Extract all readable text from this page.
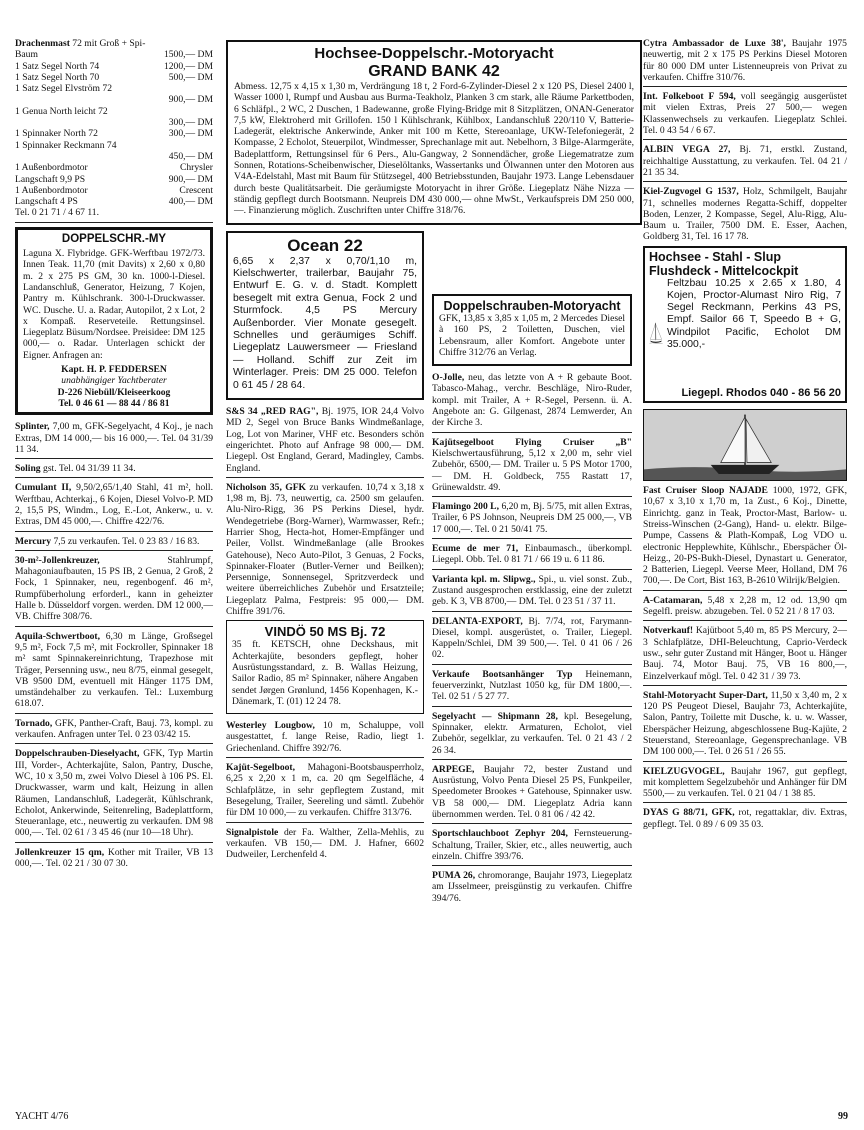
Drachenmast 72 mit Groß + Spi-
Baum	1500,— DM
1 Satz Segel North 74	1200,— DM
1 Satz Segel North 70	500,— DM
1 Satz Segel Elvström 72
900,— DM
1 Genua North leicht 72
300,— DM
1 Spinnaker North 72	300,— DM
1 Spinnaker Reckmann 74
450,— DM
1 Außenbordmotor	Chrysler
Langschaft 9,9 PS	900,— DM
1 Außenbordmotor	Crescent
Langschaft 4 PS	400,— DM
Tel. 0 21 71 / 4 67 11.
DOPPELSCHR.-MY
Laguna X. Flybridge. GFK-Werftbau 1972/73. Innen Teak. 11,70 (mit Davits) x 2,60 x 0,80 m. 2 x 275 PS GM, 30 kn. 1000-l-Diesel. Landanschluß, Generator, Heizung, 7 Kojen, Pantry m. Kühlschrank. 300-l-Druckwasser. WC. Dusche. U. a. Radar, Autopilot, 2 x Lot, 2 x Kompaß. Reserveteile. Rettungsinsel. Liegeplatz Büsum/Nordsee. Preisidee: DM 125 000,— o. Radar. Unterlagen schickt der Eigner. Anfragen an:
Kapt. H. P. FEDDERSEN
unabhängiger Yachtberater
D-226 Niebüll/Kleiseerkoog
Tel. 0 46 61 — 88 44 / 86 81
Splinter, 7,00 m, GFK-Segelyacht, 4 Koj., je nach Extras, DM 14 000,— bis 16 000,—. Tel. 04 31/39 11 34.
Soling gst. Tel. 04 31/39 11 34.
Cumulant II, 9,50/2,65/1,40 Stahl, 41 m², holl. Werftbau, Achterkaj., 6 Kojen, Diesel Volvo-P. MD 2, 15,5 PS, Windm., Log, E.-Lot, Ankerw., u. v. Extras, DM 45 000,—. Chiffre 422/76.
Mercury 7,5 zu verkaufen. Tel. 0 23 83 / 16 83.
30-m²-Jollenkreuzer,	Stahlrumpf, Mahagoniaufbauten, 15 PS IB, 2 Genua, 2 Groß, 2 Fock, 1 Spinnaker, neu, regenbogenf. 46 m², Rumpfüberholung erforderl., kann in geheizter Halle b. Düsseldorf vorgen. werden. DM 12 000,— VB. Chiffre 308/76.
Aquila-Schwertboot, 6,30 m Länge, Großsegel 9,5 m², Fock 7,5 m², mit Fockroller, Spinnaker 18 m² samt Spinnakereinrichtung, Trapezhose mit Träger, Persenning usw., neu 8/75, einmal gesegelt, VB 9500 DM, eventuell mit Hänger 1175 DM, umständehalber zu verkaufen. Tel.: Luxemburg 618.07.
Tornado, GFK, Panther-Craft, Bauj. 73, kompl. zu verkaufen. Anfragen unter Tel. 0 23 03/42 15.
Doppelschrauben-Dieselyacht, GFK, Typ Martin III, Vorder-, Achterkajüte, Salon, Pantry, Dusche, WC, 10 x 3,50 m, zwei Volvo Diesel à 106 PS. El. Druckwasser, warm und kalt, Heizung in allen Räumen, Landanschluß, Ladegerät, Kühlschrank, Echolot, Ankerwinde, Seitenreling, Badeplattform, Steueranlage, etc., neuwertig zu verkaufen. DM 98 000,—. Tel. 02 61 / 3 45 46 (nur 10—18 Uhr).
Jollenkreuzer 15 qm, Kother mit Trailer, VB 13 000,—. Tel. 02 21 / 30 07 30.
Hochsee-Doppelschr.-Motoryacht
GRAND BANK 42
Abmess. 12,75 x 4,15 x 1,30 m, Verdrängung 18 t, 2 Ford-6-Zylinder-Diesel 2 x 120 PS, Diesel 2400 l, Wasser 1000 l, Rumpf und Ausbau aus Burma-Teakholz, Planken 3 cm stark, alle Räume Parkettboden, 6 Schläfpl., 2 WC, 2 Duschen, 1 Badewanne, große Flying-Bridge mit 8 Sitzplätzen, ONAN-Generator 7,5 kW, Elektroherd mit Grillofen. 150 l Kühlschrank, Kühlbox, Landanschluß 220/110 V, Batterie-Ladegerät, elektrische Ankerwinde, Anker mit 100 m Kette, Stereoanlage, UKW-Telefoniegerät, 2 Kompasse, 2 Echolot, Steuerpilot, Windmesser, Sprechanlage mit aut. Nebelhorn, 3 Bilge-Alarmgeräte, Badeplattform, Rettungsinsel für 6 Pers., Alu-Gangway, 2 Sonnendächer, große Liegematratze zum Sonnen, Rotations-Scheibenwischer, Dieselöltanks, Wassertanks und Ölwannen unter den Motoren aus V4A-Edelstahl, Mast mit Baum für Stützsegel, 400 Betriebsstunden, Baujahr 1973. Lange Lebensdauer durch beste Qualitätsarbeit. Die geräumigste Motoryacht in ihrer Größe. Liegeplatz Nähe Nizza — ständig gepflegt durch Bootsmann. Neupreis DM 430 000,— ohne MwSt., Verkaufspreis DM 250 000,—. Finanzierung möglich. Zuschriften unter Chiffre 318/76.
Ocean 22
6,65 x 2,37 x 0,70/1,10 m, Kielschwerter, trailerbar, Baujahr 75, Entwurf E. G. v. d. Stadt. Komplett besegelt mit extra Genua, Fock 2 und Sturmfock. 4,5 PS Mercury Außenborder. Vier Monate gesegelt. Schnelles und geräumiges Schiff. Liegeplatz Lauwersmeer — Friesland — Holland. Schiff zur Zeit im Winterlager. Preis: DM 25 000. Telefon 0 61 45 / 28 64.
S&S 34 „RED RAG", Bj. 1975, IOR 24,4 Volvo MD 2, Segel von Bruce Banks Windmeßanlage, Log, Lot von Mariner, VHF etc. Besonders schön eingerichtet. Photo auf Anfrage 98 000,— DM. Liegepl. Ost England, Gerard, Madingley, Cambs. England.
Nicholson 35, GFK zu verkaufen. 10,74 x 3,18 x 1,98 m, Bj. 73, neuwertig, ca. 2500 sm gelaufen. Alu-Niro-Rigg, 36 PS Perkins Diesel, hydr. Wendegetriebe (Borg-Warner), Warmwasser, Refr.; Harrier Shog, Hecta-hot, Homer-Empfänger und Peiler, Vollst. Windmeßanlage (alle Brookes Gatehouse), Neco Auto-Pilot, 3 Genuas, 2 Focks, Spinnaker-Floater (Butler-Verner und Beilken); Persennige, Sonnensegel, Spritzverdeck und weitere überreichliches Zubehör und Ersatzteile; Liegeplatz Palma, Festpreis: 95 000,— DM. Chiffre 391/76.
VINDÖ 50 MS Bj. 72
35 ft. KETSCH, ohne Deckshaus, mit Achterkajüte, besonders gepflegt, hoher Ausrüstungsstandard, z. B. Wallas Heizung, Sailor Radio, 85 m² Spinnaker, nähere Angaben sendet Jørgen Grønlund, 1456 Kopenhagen, K.-Dänemark, T. (01) 12 24 78.
Westerley Lougbow, 10 m, Schaluppe, voll ausgestattet, f. lange Reise, Radio, liegt 1. Griechenland. Chiffre 392/76.
Kajüt-Segelboot, Mahagoni-Bootsbausperrholz, 6,25 x 2,20 x 1 m, ca. 20 qm Segelfläche, 4 Schlafplätze, in sehr gepflegtem Zustand, mit Besegelung, Trailer, Seereling und sämtl. Zubehör für DM 10 000,— zu verkaufen. Chiffre 313/76.
Signalpistole der Fa. Walther, Zella-Mehlis, zu verkaufen. VB 150,— DM. J. Hafner, 6602 Dudweiler, Lerchenfeld 4.
Doppelschrauben-Motoryacht
GFK, 13,85 x 3,85 x 1,05 m, 2 Mercedes Diesel à 160 PS, 2 Toiletten, Duschen, viel Lebensraum, aller Komfort. Angebote unter Chiffre 312/76 an Verlag.
O-Jolle, neu, das letzte von A + R gebaute Boot. Tabasco-Mahag., verchr. Beschläge, Niro-Ruder, kompl. mit Trailer, A + R-Segel, Persenn. ü. A. Angebote an: G. Gilgenast, 2874 Lemwerder, An der Kirche 3.
Kajütsegelboot Flying Cruiser „B" Kielschwertausführung, 5,12 x 2,00 m, sehr viel Zubehör, 6500,— DM. Trailer u. 5 PS Motor 1700,— DM. H. Goldbeck, 755 Rastatt 17, Grünewaldstr. 49.
Flamingo 200 L, 6,20 m, Bj. 5/75, mit allen Extras, Trailer, 6 PS Johnson, Neupreis DM 25 000,—, VB 17 000,—. Tel. 0 21 50/41 75.
Ecume de mer 71, Einbaumasch., überkompl. Liegepl. Obb. Tel. 0 81 71 / 66 19 u. 6 11 86.
Varianta kpl. m. Slipwg., Spi., u. viel sonst. Zub., Zustand ausgesprochen erstklassig, eine der zuletzt geb. K 3, VB 8700,— DM. Tel. 0 23 51 / 37 11.
DELANTA-EXPORT, Bj. 7/74, rot, Farymann-Diesel, kompl. ausgerüstet, o. Trailer, Liegepl. Kappeln/Schlei, DM 39 500,—. Tel. 0 41 06 / 26 02.
Verkaufe Bootsanhänger Typ Heinemann, feuerverzinkt, Nutzlast 1050 kg, für DM 1800,—. Tel. 02 51 / 5 27 77.
Segelyacht — Shipmann 28, kpl. Besegelung, Spinnaker, elektr. Armaturen, Echolot, viel Zubehör, segelklar, zu verkaufen. Tel. 0 21 43 / 2 26 34.
ARPEGE, Baujahr 72, bester Zustand und Ausrüstung, Volvo Penta Diesel 25 PS, Funkpeiler, Speedometer Brookes + Gatehouse, Spinnaker usw. VB 58 000,— DM. Liegeplatz Adria kann übernommen werden. Tel. 0 81 06 / 42 42.
Sportschlauchboot Zephyr 204, Fernsteuerung-Schaltung, Trailer, Skier, etc., alles neuwertig, auch einzeln. Chiffre 393/76.
PUMA 26, chromorange, Baujahr 1973, Liegeplatz am IJsselmeer, preisgünstig zu verkaufen. Chiffre 394/76.
Cytra Ambassador de Luxe 38', Baujahr 1975 neuwertig, mit 2 x 175 PS Perkins Diesel Motoren für 80 000 DM unter Listenneupreis von Privat zu verkaufen. Chiffre 310/76.
Int. Folkeboot F 594, voll seegängig ausgerüstet mit vielen Extras, Preis 27 500,— wegen Klassenwechsels zu verkaufen. Liegeplatz Schlei. Tel. 0 43 54 / 6 67.
ALBIN VEGA 27, Bj. 71, erstkl. Zustand, reichhaltige Ausstattung, zu verkaufen. Tel. 04 21 / 21 35 34.
Kiel-Zugvogel G 1537, Holz, Schmilgelt, Baujahr 71, schnelles modernes Regatta-Schiff, doppelter Boden, Lenzer, 2 Kompasse, Segel, Alu-Rigg, Alu-Baum u. Trailer, 7500 DM. E. Esser, Aachen, Goldberg 31, Tel. 16 17 78.
Hochsee - Stahl - Slup
Flushdeck - Mittelcockpit
Feltzbau 10.25 x 2.65 x 1.80, 4 Kojen, Proctor-Alumast Niro Rig, 7 Segel Reckmann, Perkins 43 PS, Empf. Sailor 66 T, Speedo B + G, Windpilot Pacific, Echolot DM 35.000,-
Liegepl. Rhodos 040 - 86 56 20
Fast Cruiser Sloop NAJADE 1000, 1972, GFK, 10,67 x 3,10 x 1,70 m, 1a Zust., 6 Koj., Dinette, Einrichtg. ganz in Teak, Proctor-Mast, Barlow- u. Streiss-Winschen (2-Gang), Hand- u. elektr. Bilge-Pumpe, Cassens & Plath-Kompaß, Log VDO u. electronic Hepplewhite, Kühlschr., Eberspächer Öl-Heizg., 20-PS-Bukh-Diesel, Dynastart u. Generator, 2 Batterien, Liegepl. Veerse Meer, Holland, DM 76 700,—. De Cort, Bist 163, B-2610 Wilrijk/Belgien.
A-Catamaran, 5,48 x 2,28 m, 12 od. 13,90 qm Segelfl. preisw. abzugeben. Tel. 0 52 21 / 8 17 03.
Notverkauf! Kajütboot 5,40 m, 85 PS Mercury, 2—3 Schlafplätze, DHI-Beleuchtung, Caprio-Verdeck usw., sehr guter Zustand mit Hänger, Boot u. Hänger Bauj. 74, Motor Bauj. 75, VB 16 800,—, Einzelverkauf mögl. Tel. 0 42 31 / 39 73.
Stahl-Motoryacht Super-Dart, 11,50 x 3,40 m, 2 x 120 PS Peugeot Diesel, Baujahr 73, Achterkajüte, Salon, Pantry, Toilette mit Dusche, k. u. w. Wasser, Eberspächer Heizung, abgeschlossene Bug-Kajüte, 2 Steuerstand, Stereoanlage, Gegensprechanlage. VB DM 100 000,—. Tel. 0 26 51 / 26 55.
KIELZUGVOGEL, Baujahr 1967, gut gepflegt, mit komplettem Segelzubehör und Anhänger für DM 5500,— zu verkaufen. Tel. 0 21 04 / 1 38 85.
DYAS G 88/71, GFK, rot, regattaklar, div. Extras, gepflegt. Tel. 0 89 / 6 09 35 03.
YACHT 4/76	99
